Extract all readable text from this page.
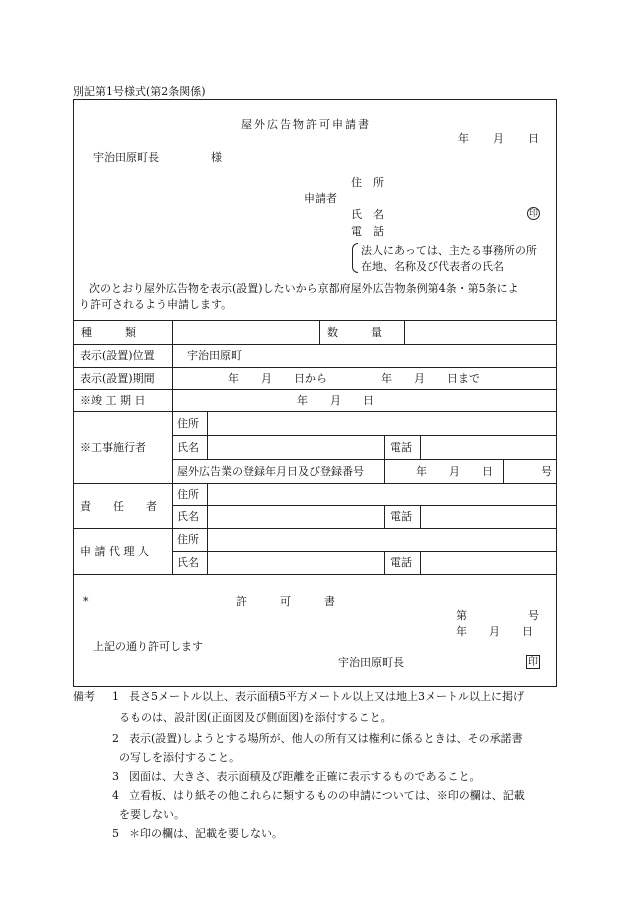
別記第1号様式(第2条関係)
屋外広告物許可申請書
年 月 日
宇治田原町長	様
住　所
申請者
氏　名	印
電　話
法人にあっては、主たる事務所の所
在地、名称及び代表者の氏名
次のとおり屋外広告物を表示(設置)したいから京都府屋外広告物条例第4条・第5条によ
り許可されるよう申請します。
種　　　類	数　　　量
表示(設置)位置	宇治田原町
表示(設置)期間	年　　月　　日から	年　　月　　日まで
※竣 工 期 日	年　　月　　日
※工事施行者
住所
氏名	電話
屋外広告業の登録年月日及び登録番号	年　　月　　日	号
責　　任　　者
住所
氏名	電話
申 請 代 理 人
住所
氏名	電話
*	許　　　可　　　書
第	号
年　　月　　日
上記の通り許可します
宇治田原町長	印
備考 1 長さ5メートル以上、表示面積5平方メートル以上又は地上3メートル以上に掲げ
るものは、設計図(正面図及び側面図)を添付すること。
2 表示(設置)しようとする場所が、他人の所有又は権利に係るときは、その承諾書
の写しを添付すること。
3 図面は、大きさ、表示面積及び距離を正確に表示するものであること。
4 立看板、はり紙その他これらに類するものの申請については、※印の欄は、記載
を要しない。
5 ＊印の欄は、記載を要しない。
